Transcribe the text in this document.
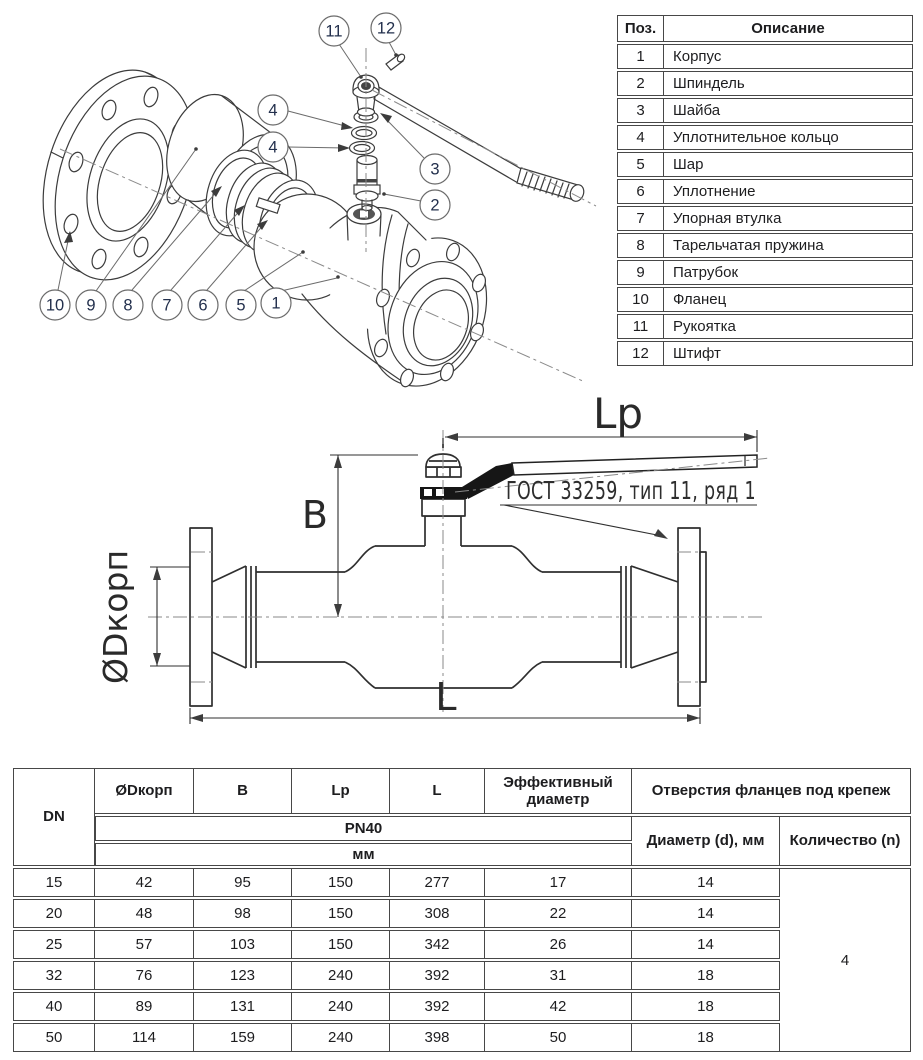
11 12
4
4
3
2
10 9 8 7 6 5 1
Поз.	Описание
1	Корпус
2	Шпиндель
3	Шайба
4	Уплотнительное кольцо
5	Шар
6	Уплотнение
7	Упорная втулка
8	Тарельчатая пружина
9	Патрубок
10	Фланец
11	Рукоятка
12	Штифт
Lp
B
ØDкорп
L
ГОСТ 33259, тип 11, ряд 1
DN	ØDкорп	B	Lp	L	Эффективный диаметр	Отверстия фланцев под крепеж	
	PN40					Диаметр (d), мм	Количество (n)
	мм						
15	42	95	150	277	17	14	4
20	48	98	150	308	22	14	
25	57	103	150	342	26	14	
32	76	123	240	392	31	18	
40	89	131	240	392	42	18	
50	114	159	240	398	50	18	
